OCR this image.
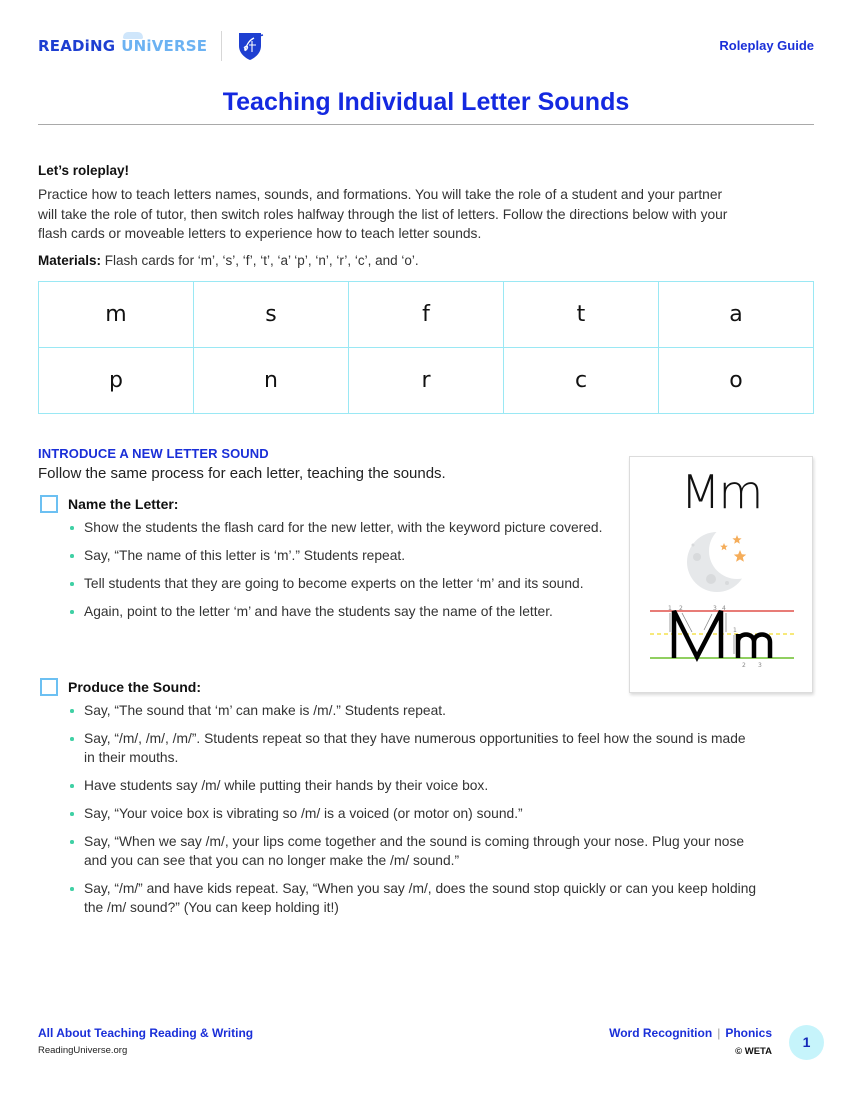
READiNG UNiVERSE	Roleplay Guide
Teaching Individual Letter Sounds
Let’s roleplay!

Practice how to teach letters names, sounds, and formations. You will take the role of a student and your partner will take the role of tutor, then switch roles halfway through the list of letters. Follow the directions below with your flash cards or moveable letters to experience how to teach letter sounds.

Materials: Flash cards for ‘m’, ‘s’, ‘f’, ‘t’, ‘a’ ‘p’, ‘n’, ‘r’, ‘c’, and ‘o’.
m	s	f	t	a
p	n	r	c	o
INTRODUCE A NEW LETTER SOUND
Follow the same process for each letter, teaching the sounds.
Name the Letter:
Show the students the flash card for the new letter, with the keyword picture covered.
Say, “The name of this letter is ‘m’.” Students repeat.
Tell students that they are going to become experts on the letter ‘m’ and its sound.
Again, point to the letter ‘m’ and have the students say the name of the letter.
Produce the Sound:
Say, “The sound that ‘m’ can make is /m/.” Students repeat.
Say, “/m/, /m/, /m/”. Students repeat so that they have numerous opportunities to feel how the sound is made in their mouths.
Have students say /m/ while putting their hands by their voice box.
Say, “Your voice box is vibrating so /m/ is a voiced (or motor on) sound.”
Say, “When we say /m/, your lips come together and the sound is coming through your nose. Plug your nose and you can see that you can no longer make the /m/ sound.”
Say, “/m/” and have kids repeat. Say, “When you say /m/, does the sound stop quickly or can you keep holding the /m/ sound?” (You can keep holding it!)
Mm
1 2	3 4
1
2 3
All About Teaching Reading & Writing
ReadingUniverse.org
Word Recognition | Phonics
© WETA
1
